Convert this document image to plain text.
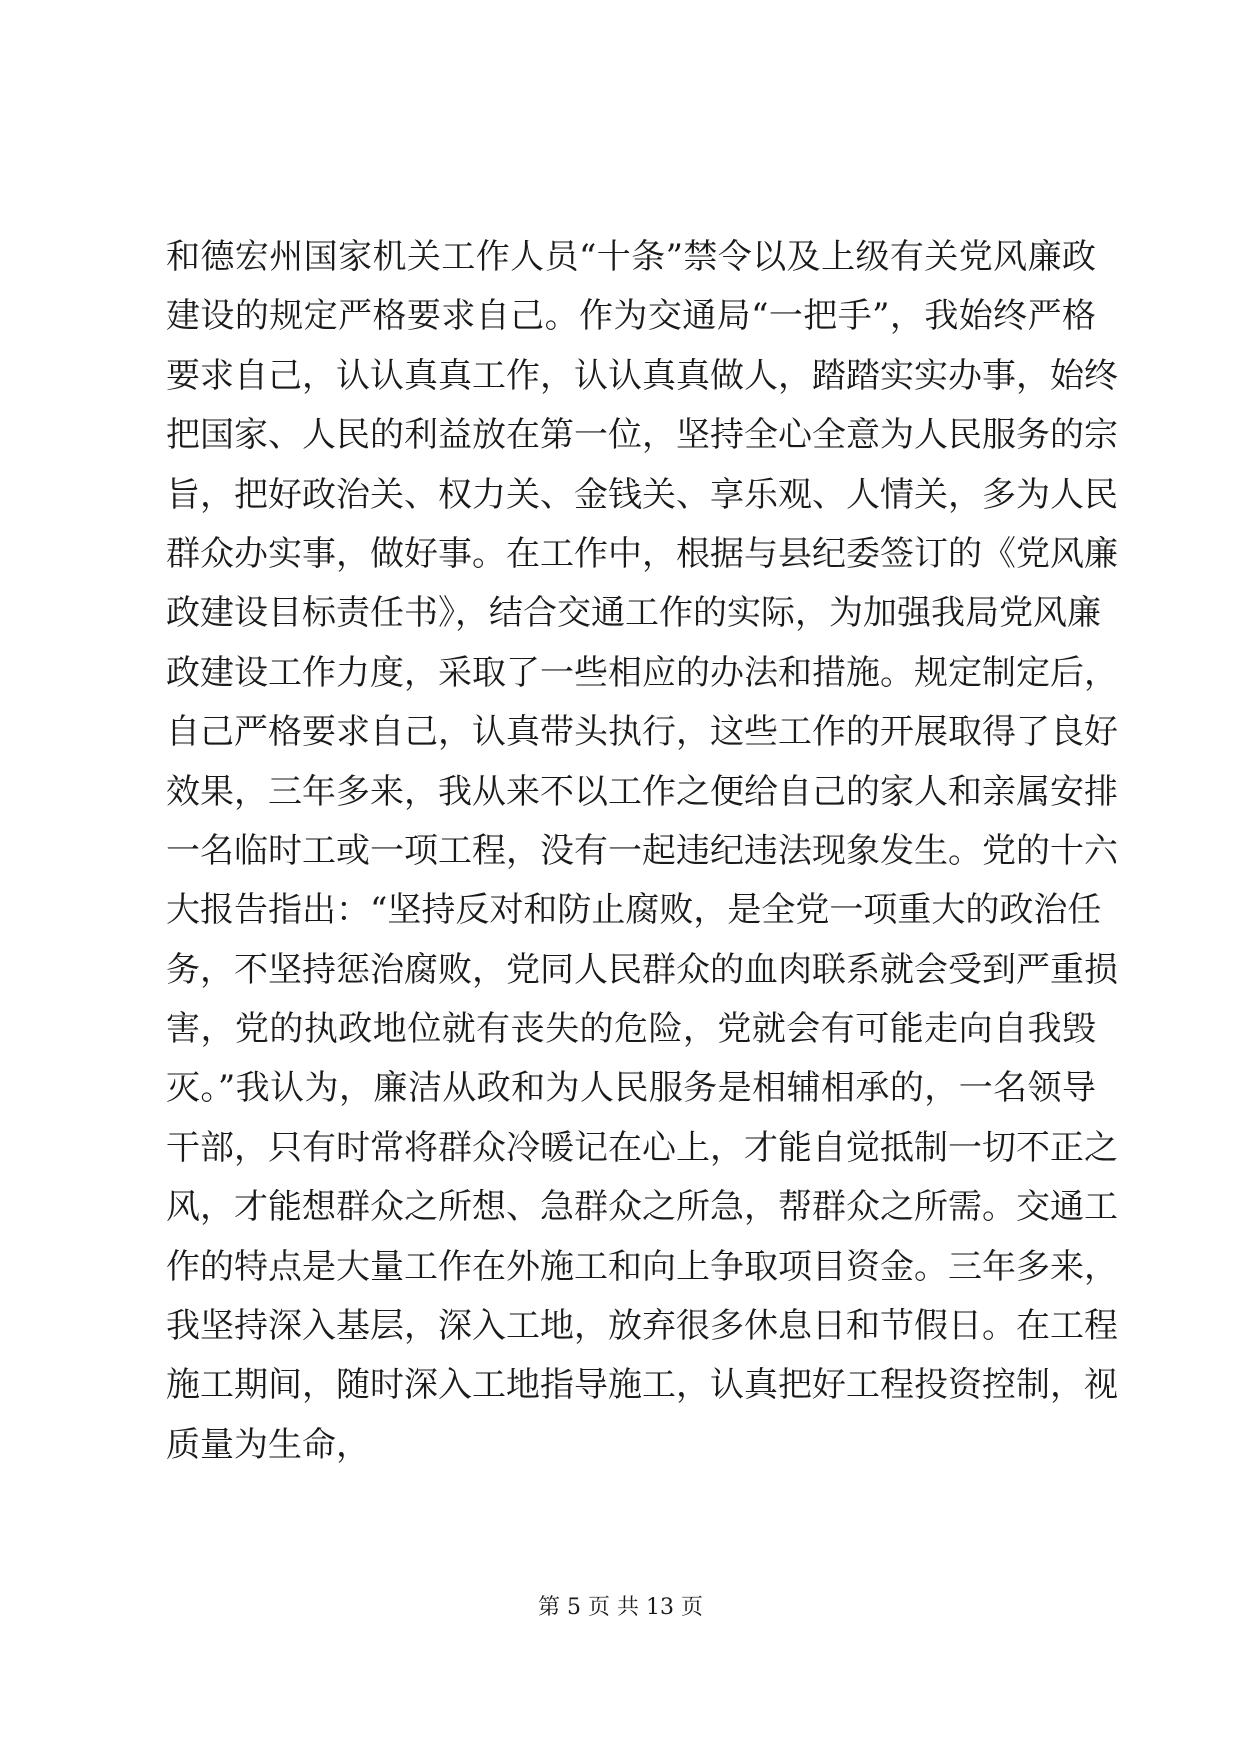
和德宏州国家机关工作人员“十条”禁令以及上级有关党风廉政
建设的规定严格要求自己。作为交通局“一把手”，我始终严格
要求自己，认认真真工作，认认真真做人，踏踏实实办事，始终
把国家、人民的利益放在第一位，坚持全心全意为人民服务的宗
旨，把好政治关、权力关、金钱关、享乐观、人情关，多为人民
群众办实事，做好事。在工作中，根据与县纪委签订的《党风廉
政建设目标责任书》，结合交通工作的实际，为加强我局党风廉
政建设工作力度，采取了一些相应的办法和措施。规定制定后，
自己严格要求自己，认真带头执行，这些工作的开展取得了良好
效果，三年多来，我从来不以工作之便给自己的家人和亲属安排
一名临时工或一项工程，没有一起违纪违法现象发生。党的十六
大报告指出：“坚持反对和防止腐败，是全党一项重大的政治任
务，不坚持惩治腐败，党同人民群众的血肉联系就会受到严重损
害，党的执政地位就有丧失的危险，党就会有可能走向自我毁
灭。”我认为，廉洁从政和为人民服务是相辅相承的，一名领导
干部，只有时常将群众冷暖记在心上，才能自觉抵制一切不正之
风，才能想群众之所想、急群众之所急，帮群众之所需。交通工
作的特点是大量工作在外施工和向上争取项目资金。三年多来，
我坚持深入基层，深入工地，放弃很多休息日和节假日。在工程
施工期间，随时深入工地指导施工，认真把好工程投资控制，视
质量为生命，
第 5 页 共 13 页
